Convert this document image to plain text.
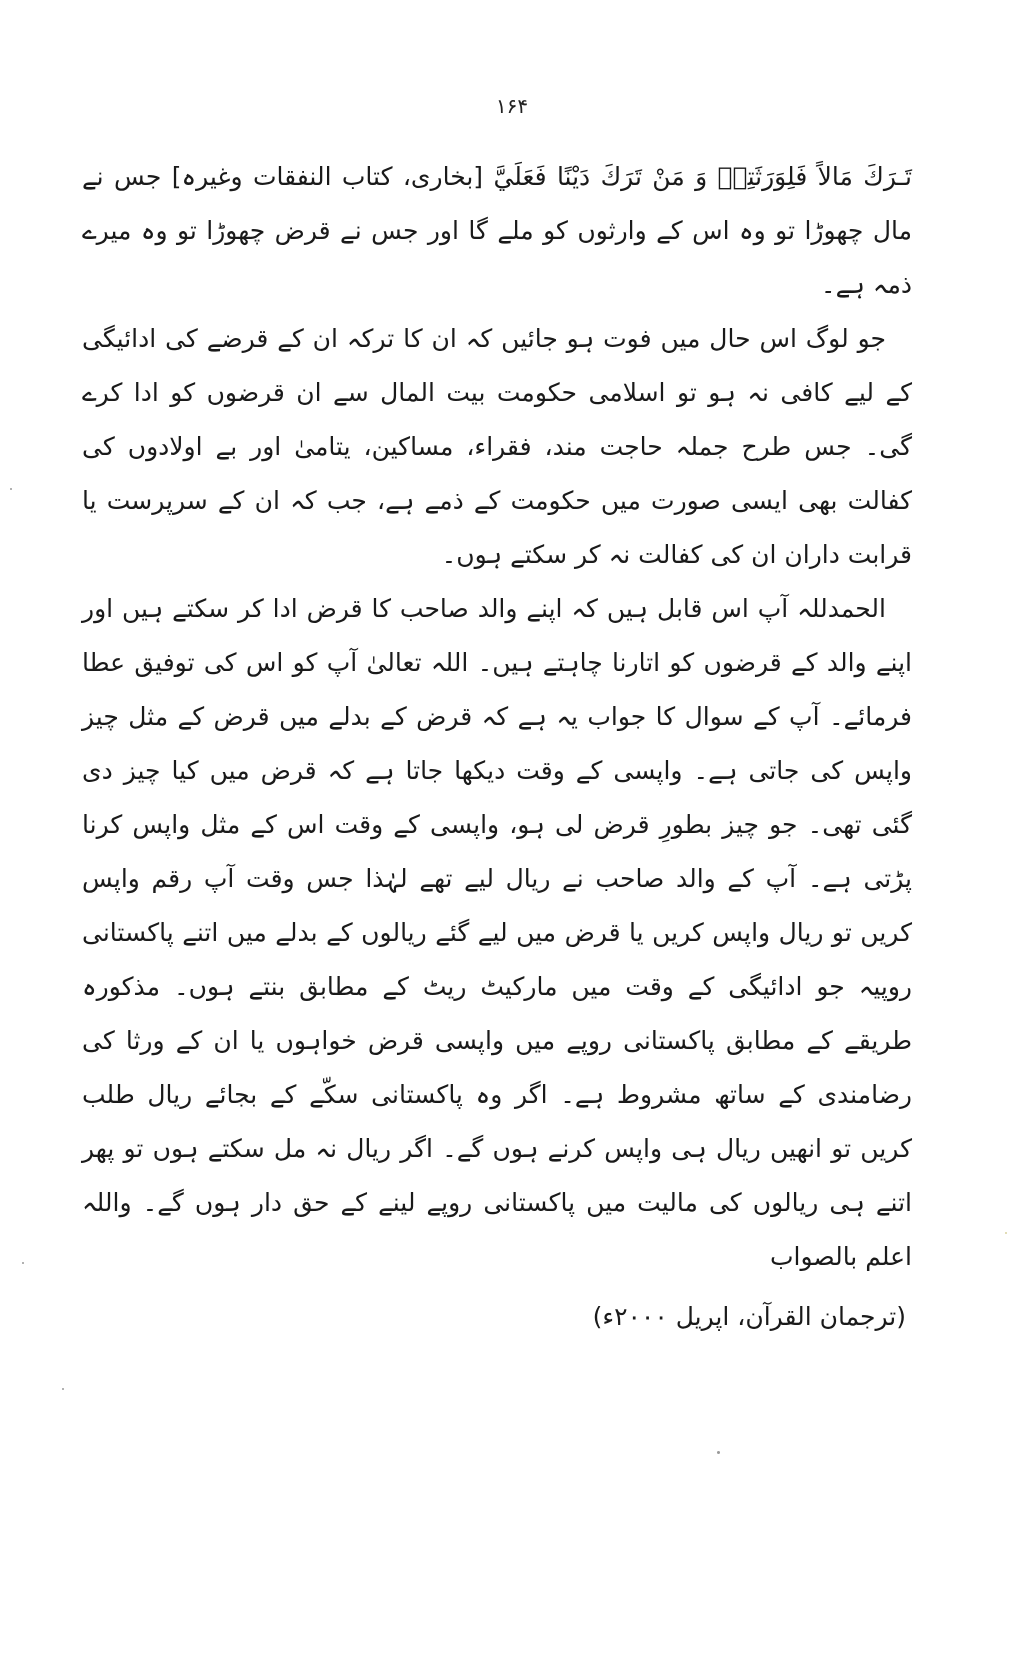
۱۶۴

تَـرَكَ مَالاً فَلِوَرَثَتِهٖ وَ مَنْ تَرَكَ دَيْنًا فَعَلَيَّ [بخاری، کتاب النفقات وغیرہ] جس نے مال چھوڑا تو وہ اس کے وارثوں کو ملے گا اور جس نے قرض چھوڑا تو وہ میرے ذمہ ہے۔

جو لوگ اس حال میں فوت ہو جائیں کہ ان کا ترکہ ان کے قرضے کی ادائیگی کے لیے کافی نہ ہو تو اسلامی حکومت بیت المال سے ان قرضوں کو ادا کرے گی۔ جس طرح جملہ حاجت مند، فقراء، مساکین، یتامیٰ اور بے اولادوں کی کفالت بھی ایسی صورت میں حکومت کے ذمے ہے، جب کہ ان کے سرپرست یا قرابت داران ان کی کفالت نہ کر سکتے ہوں۔

الحمدللہ آپ اس قابل ہیں کہ اپنے والد صاحب کا قرض ادا کر سکتے ہیں اور اپنے والد کے قرضوں کو اتارنا چاہتے ہیں۔ اللہ تعالیٰ آپ کو اس کی توفیق عطا فرمائے۔ آپ کے سوال کا جواب یہ ہے کہ قرض کے بدلے میں قرض کے مثل چیز واپس کی جاتی ہے۔ واپسی کے وقت دیکھا جاتا ہے کہ قرض میں کیا چیز دی گئی تھی۔ جو چیز بطورِ قرض لی ہو، واپسی کے وقت اس کے مثل واپس کرنا پڑتی ہے۔ آپ کے والد صاحب نے ریال لیے تھے لہٰذا جس وقت آپ رقم واپس کریں تو ریال واپس کریں یا قرض میں لیے گئے ریالوں کے بدلے میں اتنے پاکستانی روپیہ جو ادائیگی کے وقت میں مارکیٹ ریٹ کے مطابق بنتے ہوں۔ مذکورہ طریقے کے مطابق پاکستانی روپے میں واپسی قرض خواہوں یا ان کے ورثا کی رضامندی کے ساتھ مشروط ہے۔ اگر وہ پاکستانی سکّے کے بجائے ریال طلب کریں تو انھیں ریال ہی واپس کرنے ہوں گے۔ اگر ریال نہ مل سکتے ہوں تو پھر اتنے ہی ریالوں کی مالیت میں پاکستانی روپے لینے کے حق دار ہوں گے۔ واللہ اعلم بالصواب

(ترجمان القرآن، اپریل ۲۰۰۰ء)
